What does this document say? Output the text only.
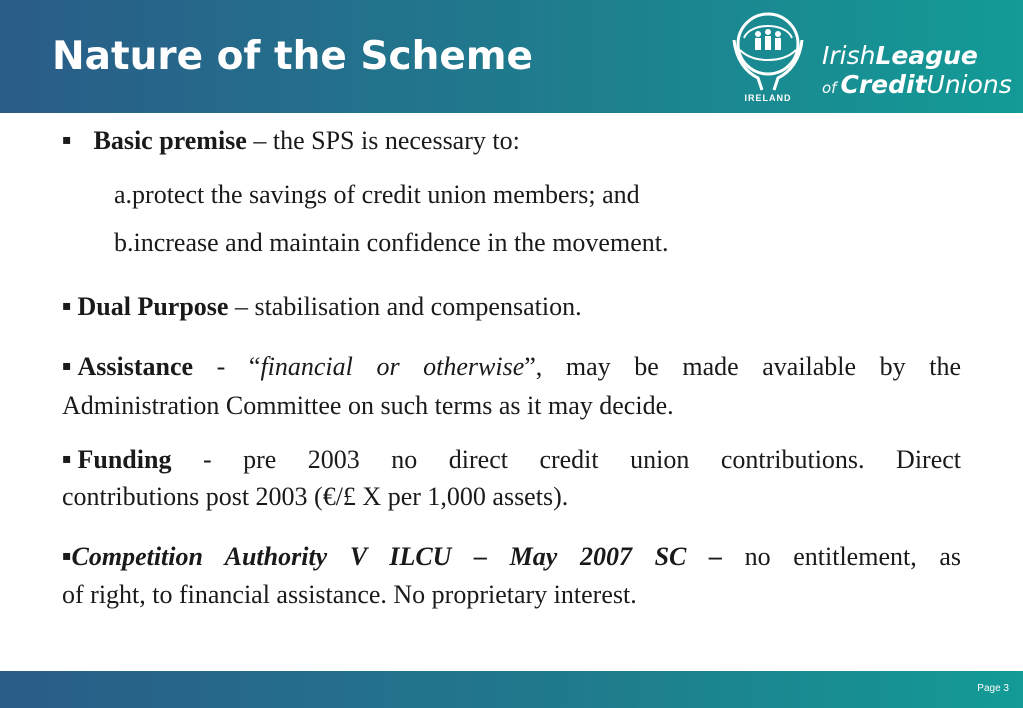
Nature of the Scheme
IRELAND
IrishLeague
of CreditUnions
▪ Basic premise – the SPS is necessary to:
a.protect the savings of credit union members; and
b.increase and maintain confidence in the movement.
▪ Dual Purpose – stabilisation and compensation.
▪ Assistance - “financial or otherwise”, may be made available by the
Administration Committee on such terms as it may decide.
▪ Funding - pre 2003 no direct credit union contributions. Direct
contributions post 2003 (€/£ X per 1,000 assets).
▪Competition Authority V ILCU – May 2007 SC – no entitlement, as
of right, to financial assistance. No proprietary interest.
Page 3
